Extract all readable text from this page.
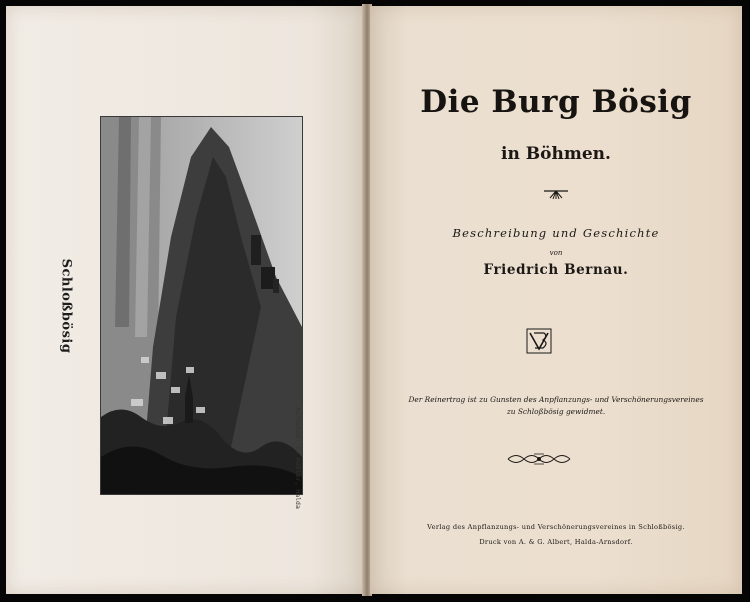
Schloßbösig
Aufnahme: C. Rößler, Halda
Die Burg Bösig
in Böhmen.
Beschreibung und Geschichte
von
Friedrich Bernau.
Der Reinertrag ist zu Gunsten des Anpflanzungs- und Verschönerungsvereines
zu Schloßbösig gewidmet.
Verlag des Anpflanzungs- und Verschönerungsvereines in Schloßbösig.
Druck von A. & G. Albert, Halda-Arnsdorf.
